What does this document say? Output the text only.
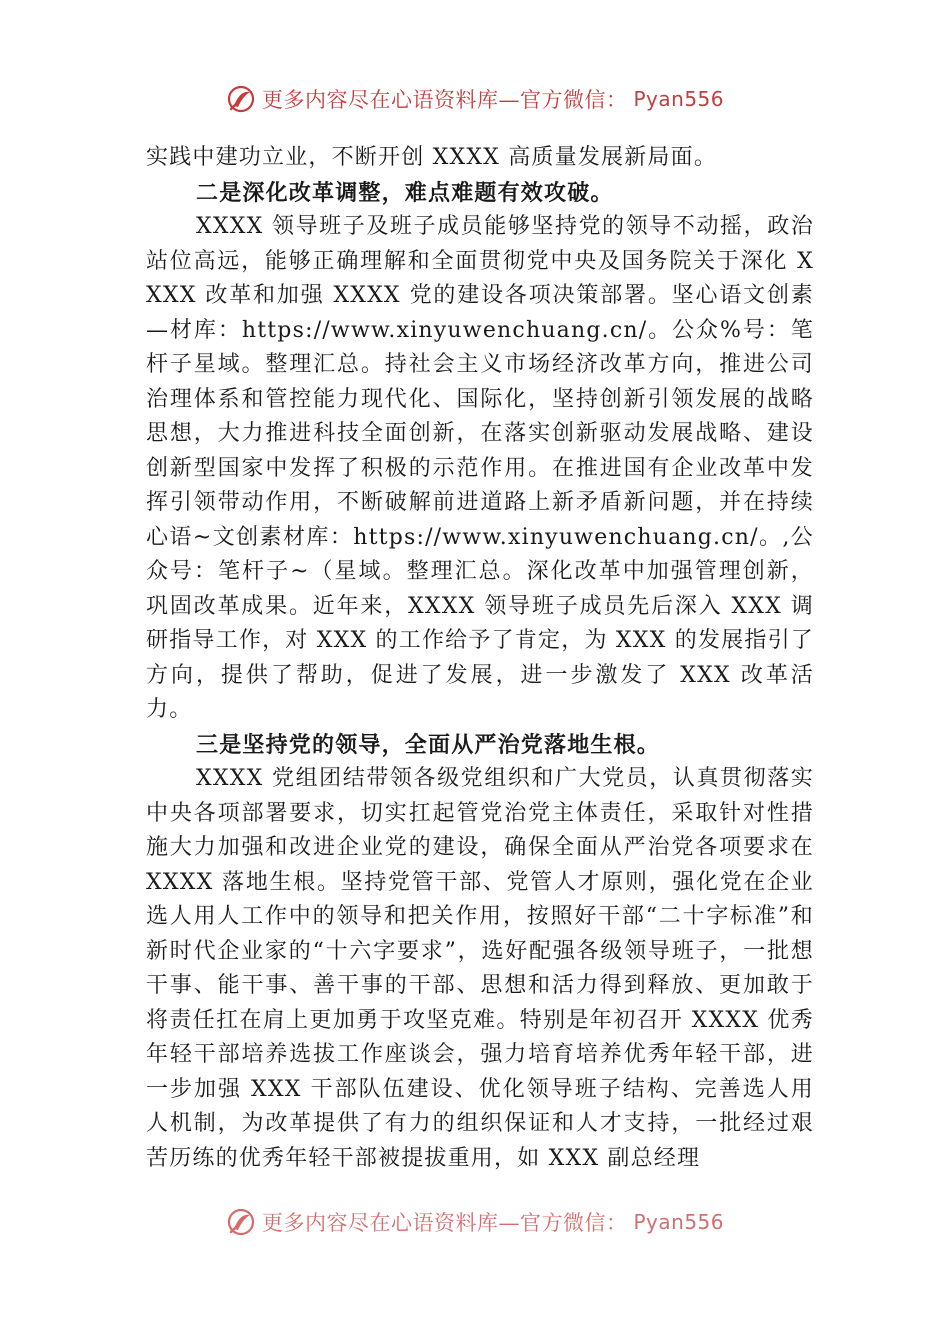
更多内容尽在心语资料库—官方微信： Pyan556

实践中建功立业，不断开创 XXXX 高质量发展新局面。

二是深化改革调整，难点难题有效攻破。

XXXX 领导班子及班子成员能够坚持党的领导不动摇，政治站位高远，能够正确理解和全面贯彻党中央及国务院关于深化 XXXX 改革和加强 XXXX 党的建设各项决策部署。坚心语文创素—材库：https://www.xinyuwenchuang.cn/。公众%号：笔杆子星域。整理汇总。持社会主义市场经济改革方向，推进公司治理体系和管控能力现代化、国际化，坚持创新引领发展的战略思想，大力推进科技全面创新，在落实创新驱动发展战略、建设创新型国家中发挥了积极的示范作用。在推进国有企业改革中发挥引领带动作用，不断破解前进道路上新矛盾新问题，并在持续心语~文创素材库：https://www.xinyuwenchuang.cn/。,公众号：笔杆子~（星域。整理汇总。深化改革中加强管理创新，巩固改革成果。近年来，XXXX 领导班子成员先后深入 XXX 调研指导工作，对 XXX 的工作给予了肯定，为 XXX 的发展指引了方向，提供了帮助，促进了发展，进一步激发了 XXX 改革活力。

三是坚持党的领导，全面从严治党落地生根。

XXXX 党组团结带领各级党组织和广大党员，认真贯彻落实中央各项部署要求，切实扛起管党治党主体责任，采取针对性措施大力加强和改进企业党的建设，确保全面从严治党各项要求在 XXXX 落地生根。坚持党管干部、党管人才原则，强化党在企业选人用人工作中的领导和把关作用，按照好干部“二十字标准”和新时代企业家的“十六字要求”，选好配强各级领导班子，一批想干事、能干事、善干事的干部、思想和活力得到释放、更加敢于将责任扛在肩上更加勇于攻坚克难。特别是年初召开 XXXX 优秀年轻干部培养选拔工作座谈会，强力培育培养优秀年轻干部，进一步加强 XXX 干部队伍建设、优化领导班子结构、完善选人用人机制，为改革提供了有力的组织保证和人才支持，一批经过艰苦历练的优秀年轻干部被提拔重用，如 XXX 副总经理

更多内容尽在心语资料库—官方微信： Pyan556
